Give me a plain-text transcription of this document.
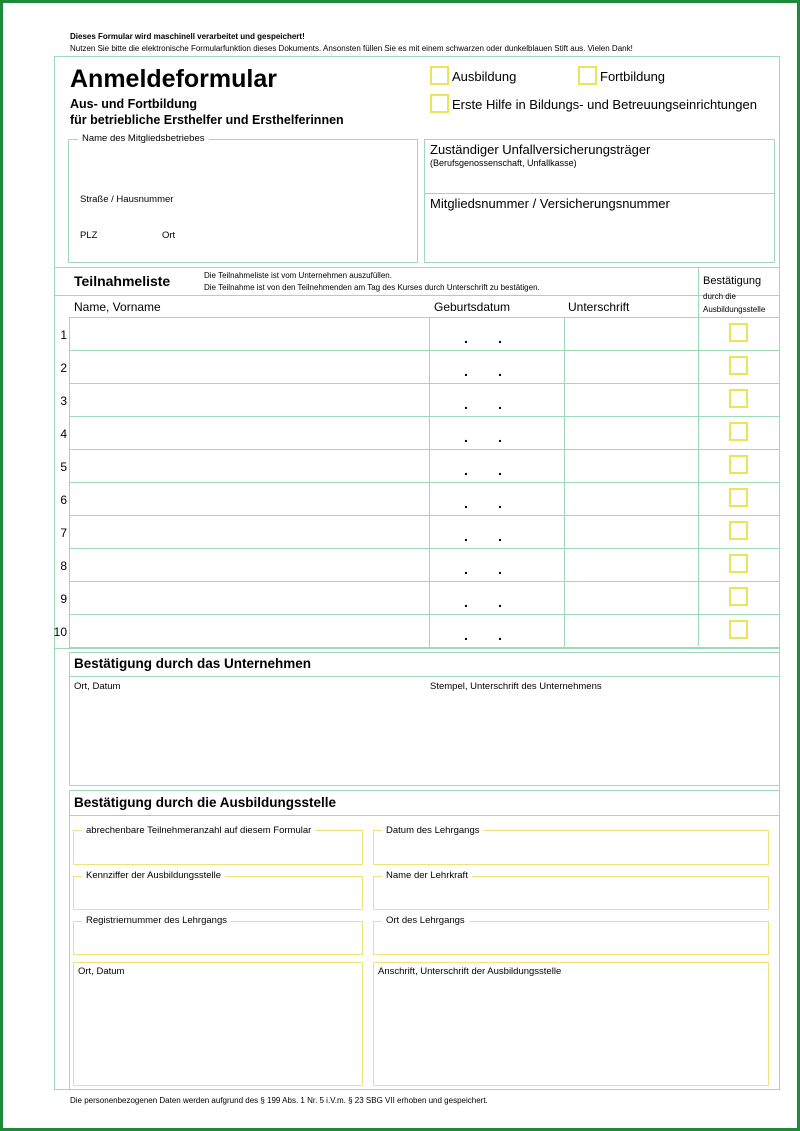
Dieses Formular wird maschinell verarbeitet und gespeichert!
Nutzen Sie bitte die elektronische Formularfunktion dieses Dokuments. Ansonsten füllen Sie es mit einem schwarzen oder dunkelblauen Stift aus. Vielen Dank!
Anmeldeformular
Aus- und Fortbildung
für betriebliche Ersthelfer und Ersthelferinnen
Ausbildung	Fortbildung
Erste Hilfe in Bildungs- und Betreuungseinrichtungen
Name des Mitgliedsbetriebes
Straße / Hausnummer
PLZ	Ort
Zuständiger Unfallversicherungsträger
(Berufsgenossenschaft, Unfallkasse)
Mitgliedsnummer / Versicherungsnummer
Teilnahmeliste	Die Teilnahmeliste ist vom Unternehmen auszufüllen.
Die Teilnahme ist von den Teilnehmenden am Tag des Kurses durch Unterschrift zu bestätigen.
Bestätigung
durch die
Ausbildungsstelle
Name, Vorname	Geburtsdatum	Unterschrift
1	. .
2	. .
3	. .
4	. .
5	. .
6	. .
7	. .
8	. .
9	. .
10	. .
Bestätigung durch das Unternehmen
Ort, Datum	Stempel, Unterschrift des Unternehmens
Bestätigung durch die Ausbildungsstelle
abrechenbare Teilnehmeranzahl auf diesem Formular	Datum des Lehrgangs
Kennziffer der Ausbildungsstelle	Name der Lehrkraft
Registriernummer des Lehrgangs	Ort des Lehrgangs
Ort, Datum	Anschrift, Unterschrift der Ausbildungsstelle
Die personenbezogenen Daten werden aufgrund des § 199 Abs. 1 Nr. 5 i.V.m. § 23 SBG VII erhoben und gespeichert.
